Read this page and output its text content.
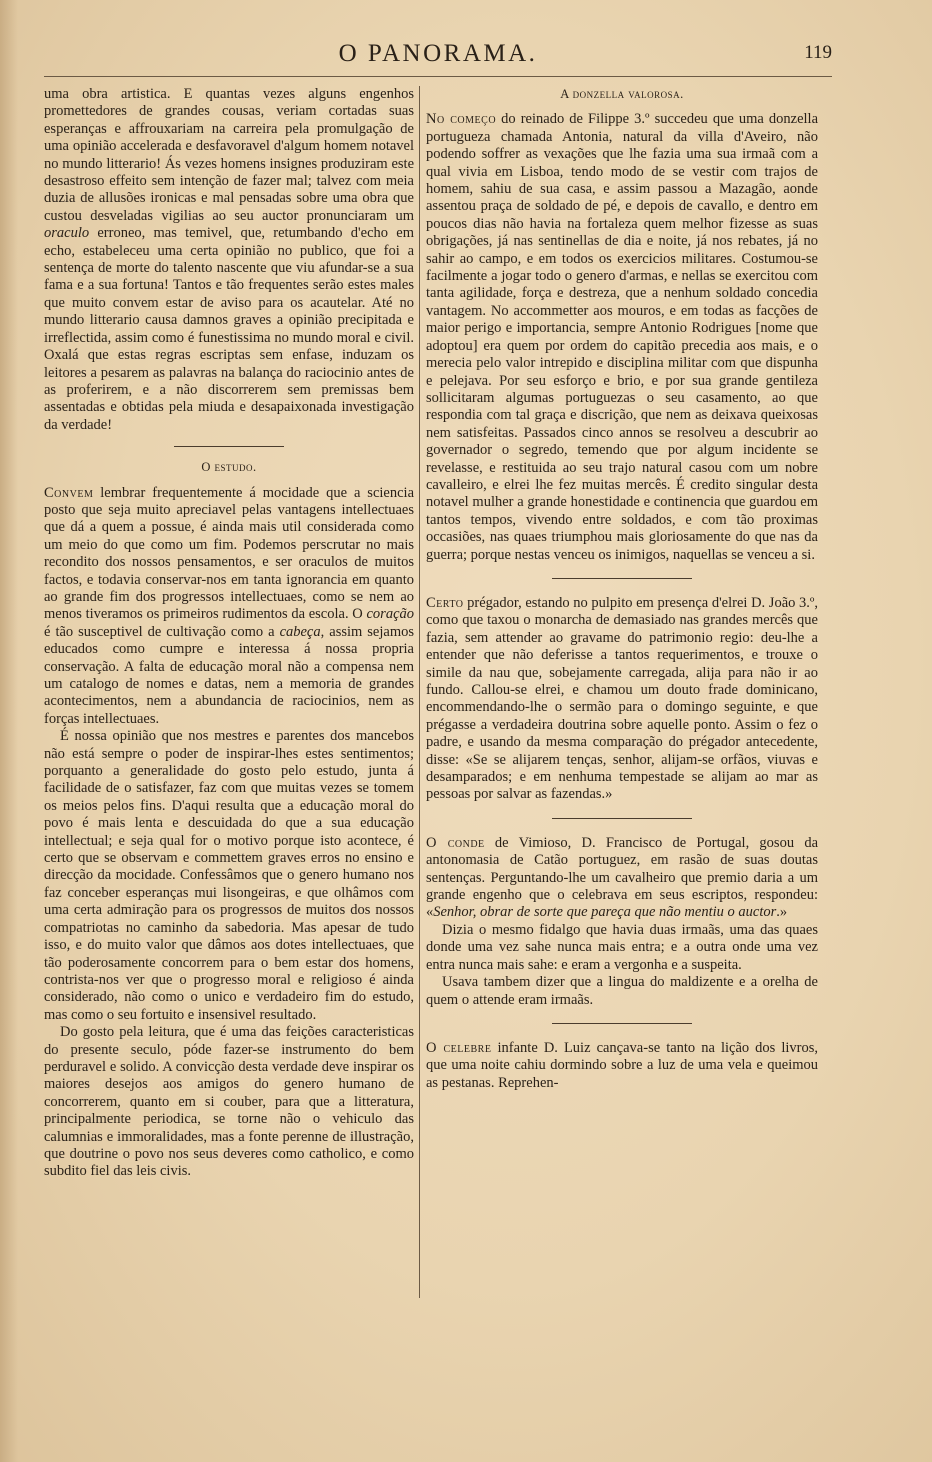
O PANORAMA.	119

uma obra artistica. E quantas vezes alguns engenhos promettedores de grandes cousas, veriam cortadas suas esperanças e affrouxariam na carreira pela promulgação de uma opinião accelerada e desfavoravel d'algum homem notavel no mundo litterario! Ás vezes homens insignes produziram este desastroso effeito sem intenção de fazer mal; talvez com meia duzia de allusões ironicas e mal pensadas sobre uma obra que custou desveladas vigilias ao seu auctor pronunciaram um oraculo erroneo, mas temivel, que, retumbando d'echo em echo, estabeleceu uma certa opinião no publico, que foi a sentença de morte do talento nascente que viu afundar-se a sua fama e a sua fortuna! Tantos e tão frequentes serão estes males que muito convem estar de aviso para os acautelar. Até no mundo litterario causa damnos graves a opinião precipitada e irreflectida, assim como é funestissima no mundo moral e civil. Oxalá que estas regras escriptas sem enfase, induzam os leitores a pesarem as palavras na balança do raciocinio antes de as proferirem, e a não discorrerem sem premissas bem assentadas e obtidas pela miuda e desapaixonada investigação da verdade!

O estudo.

Convem lembrar frequentemente á mocidade que a sciencia posto que seja muito apreciavel pelas vantagens intellectuaes que dá a quem a possue, é ainda mais util considerada como um meio do que como um fim. Podemos perscrutar no mais recondito dos nossos pensamentos, e ser oraculos de muitos factos, e todavia conservar-nos em tanta ignorancia em quanto ao grande fim dos progressos intellectuaes, como se nem ao menos tiveramos os primeiros rudimentos da escola. O coração é tão susceptivel de cultivação como a cabeça, assim sejamos educados como cumpre e interessa á nossa propria conservação. A falta de educação moral não a compensa nem um catalogo de nomes e datas, nem a memoria de grandes acontecimentos, nem a abundancia de raciocinios, nem as forças intellectuaes.

É nossa opinião que nos mestres e parentes dos mancebos não está sempre o poder de inspirar-lhes estes sentimentos; porquanto a generalidade do gosto pelo estudo, junta á facilidade de o satisfazer, faz com que muitas vezes se tomem os meios pelos fins. D'aqui resulta que a educação moral do povo é mais lenta e descuidada do que a sua educação intellectual; e seja qual for o motivo porque isto acontece, é certo que se observam e commettem graves erros no ensino e direcção da mocidade. Confessâmos que o genero humano nos faz conceber esperanças mui lisongeiras, e que olhâmos com uma certa admiração para os progressos de muitos dos nossos compatriotas no caminho da sabedoria. Mas apesar de tudo isso, e do muito valor que dâmos aos dotes intellectuaes, que tão poderosamente concorrem para o bem estar dos homens, contrista-nos ver que o progresso moral e religioso é ainda considerado, não como o unico e verdadeiro fim do estudo, mas como o seu fortuito e insensivel resultado.

Do gosto pela leitura, que é uma das feições caracteristicas do presente seculo, póde fazer-se instrumento do bem perduravel e solido. A convicção desta verdade deve inspirar os maiores desejos aos amigos do genero humano de concorrerem, quanto em si couber, para que a litteratura, principalmente periodica, se torne não o vehiculo das calumnias e immoralidades, mas a fonte perenne de illustração, que doutrine o povo nos seus deveres como catholico, e como subdito fiel das leis civis.

A donzella valorosa.

No começo do reinado de Filippe 3.º succedeu que uma donzella portugueza chamada Antonia, natural da villa d'Aveiro, não podendo soffrer as vexações que lhe fazia uma sua irmaã com a qual vivia em Lisboa, tendo modo de se vestir com trajos de homem, sahiu de sua casa, e assim passou a Mazagão, aonde assentou praça de soldado de pé, e depois de cavallo, e dentro em poucos dias não havia na fortaleza quem melhor fizesse as suas obrigações, já nas sentinellas de dia e noite, já nos rebates, já no sahir ao campo, e em todos os exercicios militares. Costumou-se facilmente a jogar todo o genero d'armas, e nellas se exercitou com tanta agilidade, força e destreza, que a nenhum soldado concedia vantagem. No accommetter aos mouros, e em todas as facções de maior perigo e importancia, sempre Antonio Rodrigues [nome que adoptou] era quem por ordem do capitão precedia aos mais, e o merecia pelo valor intrepido e disciplina militar com que dispunha e pelejava. Por seu esforço e brio, e por sua grande gentileza sollicitaram algumas portuguezas o seu casamento, ao que respondia com tal graça e discrição, que nem as deixava queixosas nem satisfeitas. Passados cinco annos se resolveu a descubrir ao governador o segredo, temendo que por algum incidente se revelasse, e restituida ao seu trajo natural casou com um nobre cavalleiro, e elrei lhe fez muitas mercês. É credito singular desta notavel mulher a grande honestidade e continencia que guardou em tantos tempos, vivendo entre soldados, e com tão proximas occasiões, nas quaes triumphou mais gloriosamente do que nas da guerra; porque nestas venceu os inimigos, naquellas se venceu a si.

Certo prégador, estando no pulpito em presença d'elrei D. João 3.º, como que taxou o monarcha de demasiado nas grandes mercês que fazia, sem attender ao gravame do patrimonio regio: deu-lhe a entender que não deferisse a tantos requerimentos, e trouxe o simile da nau que, sobejamente carregada, alija para não ir ao fundo. Callou-se elrei, e chamou um douto frade dominicano, encommendando-lhe o sermão para o domingo seguinte, e que prégasse a verdadeira doutrina sobre aquelle ponto. Assim o fez o padre, e usando da mesma comparação do prégador antecedente, disse: «Se se alijarem tenças, senhor, alijam-se orfãos, viuvas e desamparados; e em nenhuma tempestade se alijam ao mar as pessoas por salvar as fazendas.»

O conde de Vimioso, D. Francisco de Portugal, gosou da antonomasia de Catão portuguez, em rasão de suas doutas sentenças. Perguntando-lhe um cavalheiro que premio daria a um grande engenho que o celebrava em seus escriptos, respondeu: «Senhor, obrar de sorte que pareça que não mentiu o auctor.»

Dizia o mesmo fidalgo que havia duas irmaãs, uma das quaes donde uma vez sahe nunca mais entra; e a outra onde uma vez entra nunca mais sahe: e eram a vergonha e a suspeita.

Usava tambem dizer que a lingua do maldizente e a orelha de quem o attende eram irmaãs.

O celebre infante D. Luiz cançava-se tanto na lição dos livros, que uma noite cahiu dormindo sobre a luz de uma vela e queimou as pestanas. Reprehen-
